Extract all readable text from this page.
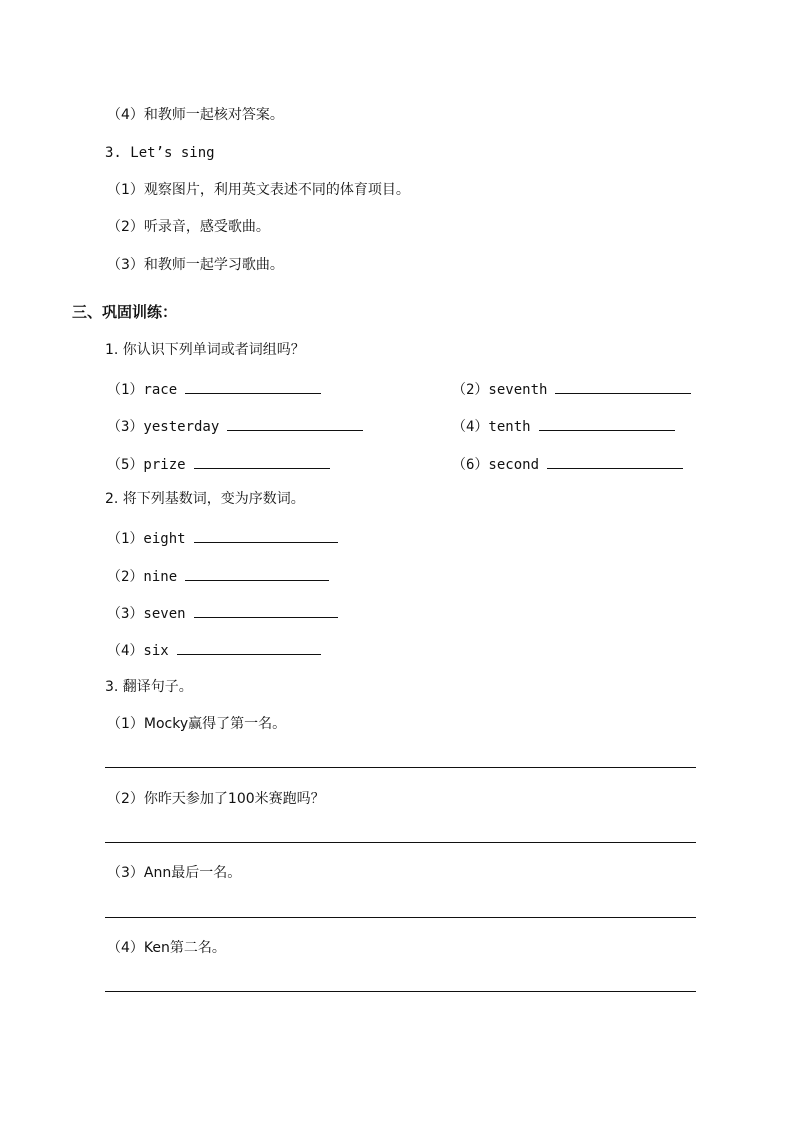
（4）和教师一起核对答案。
3. Let’s sing
（1）观察图片，利用英文表述不同的体育项目。
（2）听录音，感受歌曲。
（3）和教师一起学习歌曲。
三、巩固训练：
1. 你认识下列单词或者词组吗？
（1）race	（2）seventh
（3）yesterday	（4）tenth
（5）prize	（6）second
2. 将下列基数词，变为序数词。
（1）eight
（2）nine
（3）seven
（4）six
3. 翻译句子。
（1）Mocky赢得了第一名。
（2）你昨天参加了100米赛跑吗？
（3）Ann最后一名。
（4）Ken第二名。
